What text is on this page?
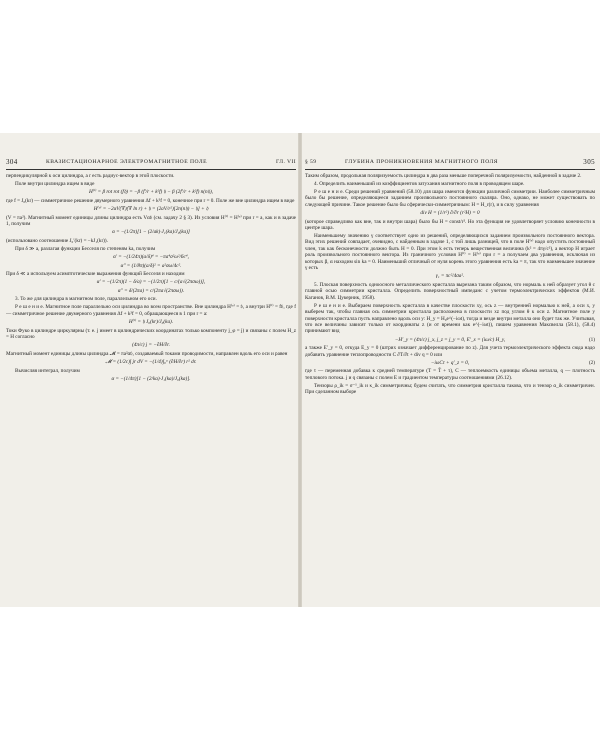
304	КВАЗИСТАЦИОНАРНОЕ ЭЛЕКТРОМАГНИТНОЕ ПОЛЕ	ГЛ. VII
перпендикулярной к оси цилиндра, а r есть радиус-вектор в этой плоскости.
Поле внутри цилиндра ищем в виде
H⁽ⁱ⁾ = β rot rot (f𝔥) = −β (f′/r + k²f) 𝔥 − β (2f′/r + k²f) n(n𝔥),
где f = J₀(kr) — симметричное решение двумерного уравнения Δf + k²f = 0, конечное при r = 0. Поле же вне цилиндра ищем в виде
H⁽ᵉ⁾ = −2αV(∇)(∇ ln r) + 𝔥 = (2aV/r²)[2n(n𝔥) − 𝔥] + 𝔥
(V = πa²). Магнитный момент единицы длины цилиндра есть Vα𝔥 (см. задачу 2 § 3). Из условия H⁽ⁱ⁾ = H⁽ᵉ⁾ при r = a, как и в задаче 1, получим
α = −(1/2π)[1 − (2/ak)·J₁(ka)/J₀(ka)]
(использовано соотношение J₀′(kr) = −kJ₁(kr)).
При δ ≫ a, разлагая функции Бесселя по степеням ka, получим
α′ = −(1/24π)(a/δ)⁴ = −πa⁴σ²ω²/6c⁴,
α″ = (1/8π)(a/δ)² = a²σω/4c².
При δ ≪ a используем асимптотические выражения функций Бесселя и находим
α′ = −(1/2π)(1 − δ/a) = −(1/2π)[1 − c/(a√(2πσω))],
α″ = δ/(2πa) = c/(2πa√(2πσω)).
3. То же для цилиндра в магнитном поле, параллельном его оси.
Р е ш е н и е. Магнитное поле параллельно оси цилиндра во всем пространстве. Вне цилиндра H⁽ᵉ⁾ = 𝔥, а внутри H⁽ⁱ⁾ = f𝔥, где f — симметричное решение двумерного уравнения Δf + k²f = 0, обращающееся в 1 при r = a:
H⁽ⁱ⁾ = 𝔥 J₀(kr)/J₀(ka).
Токи Фуко в цилиндре циркулярны (т. е. j имеет в цилиндрических координатах только компоненту j_φ = j) и связаны с полем H_z = H согласно
(4π/c) j = −∂H/∂r.
Магнитный момент единицы длины цилиндра 𝓜 = πa²α𝔥, создаваемый токами проводимости, направлен вдоль его оси и равен
𝓜 = (1/2c)∫ jr dV = −(1/4)∫₀ᵃ (∂H/∂r) r² dr.
Вычисляя интеграл, получим
α = −(1/4π)[1 − (2/ka)·J₁(ka)/J₀(ka)].
§ 59	ГЛУБИНА ПРОНИКНОВЕНИЯ МАГНИТНОГО ПОЛЯ	305
Таким образом, продольная поляризуемость цилиндра в два раза меньше поперечной поляризуемости, найденной в задаче 2.
4. Определить наименьший из коэффициентов затухания магнитного поля в проводящем шаре.
Р е ш е н и е. Среди решений уравнений (58.10) для шара имеются функции различной симметрии. Наиболее симметричным было бы решение, определяющееся заданием произвольного постоянного скаляра. Оно, однако, не может существовать по следующей причине. Такое решение было бы сферически-симметричным: H = H_r(r), и в силу уравнения
div H = (1/r²) ∂/∂r (r²H) = 0
(которое справедливо как вне, так и внутри шара) было бы H = const/r². Но эта функция не удовлетворяет условию конечности в центре шара.
Наименьшему значению γ соответствует одно из решений, определяющихся заданием произвольного постоянного вектора. Вид этих решений совпадает, очевидно, с найденным в задаче 1, с той лишь разницей, что в поле H⁽ᵉ⁾ надо опустить постоянный член, так как бесконечности должно быть H = 0. При этом k есть теперь вещественная величина (k² = 4πγ/c²), а вектор H играет роль произвольного постоянного вектора. Из граничного условия H⁽ⁱ⁾ = H⁽ᵉ⁾ при r = a получаем два уравнения, исключая из которых β, α находим sin ka = 0. Наименьший отличный от нуля корень этого уравнения есть ka = π, так что наименьшее значение γ есть
γ₁ = πc²/4σa².
5. Плоская поверхность одноосного металлического кристалла вырезана таким образом, что нормаль к ней образует угол θ с главной осью симметрии кристалла. Определить поверхностный импеданс с учетом термоэлектрических эффектов (М.И. Каганов, В.М. Цукерник, 1958).
Р е ш е н и е. Выбираем поверхность кристалла в качестве плоскости xy, ось z — внутренней нормалью к ней, а оси x, y выберем так, чтобы главная ось симметрии кристалла расположена в плоскости xz под углом θ к оси z. Магнитное поле у поверхности кристалла пусть направлено вдоль оси y: H_y = H₀e^(−iωt), тогда и везде внутри металла оно будет так же. Учитывая, что все величины зависят только от координаты z (и от времени как e^(−iωt)), пишем уравнения Максвелла (58.1), (58.4) принимают вид
−H′_y = (4π/c) j_x, j_z = j_y = 0, E′_x = (iω/c) H_y,	(1)
а также E′_y = 0, откуда E_y = 0 (штрих означает дифференцирование по z). Для учета термоэлектрического эффекта сюда надо добавить уравнение теплопроводности C ∂T/∂t + div q = 0 или
−iωCτ + q′_z = 0,	(2)
где τ — переменная добавка к средней температуре (T = T̄ + τ), C — теплоемкость единицы объема металла, q — плотность теплового потока. j и q связаны с полем E и градиентом температуры соотношениями (26.12).
Тензоры ρ_ik = σ⁻¹_ik и κ_ik симметричны; будем считать, что симметрия кристалла такова, что и тензор α_ik симметричен. При сделанном выборе
